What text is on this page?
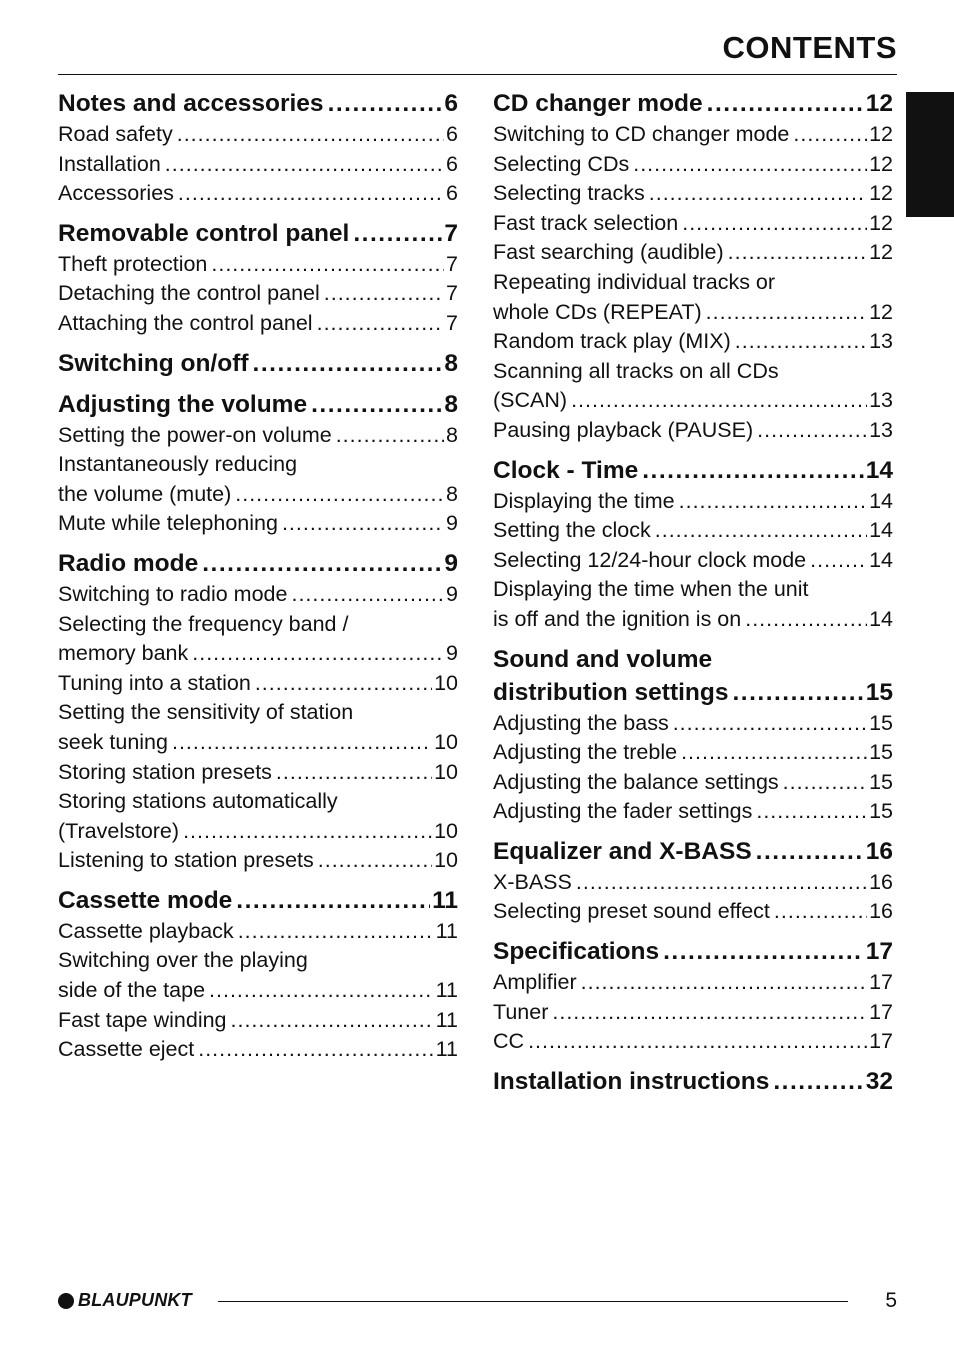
CONTENTS
Notes and accessories .....	6
Road safety .....	6
Installation .....	6
Accessories .....	6
Removable control panel .....	7
Theft protection .....	7
Detaching the control panel .....	7
Attaching the control panel .....	7
Switching on/off .....	8
Adjusting the volume .....	8
Setting the power-on volume .....	8
Instantaneously reducing
the volume (mute) .....	8
Mute while telephoning .....	9
Radio mode .....	9
Switching to radio mode .....	9
Selecting the frequency band /
memory bank .....	9
Tuning into a station .....	10
Setting the sensitivity of station
seek tuning .....	10
Storing station presets .....	10
Storing stations automatically
(Travelstore) .....	10
Listening to station presets .....	10
Cassette mode .....	11
Cassette playback .....	11
Switching over the playing
side of the tape .....	11
Fast tape winding .....	11
Cassette eject .....	11
CD changer mode .....	12
Switching to CD changer mode .....	12
Selecting CDs .....	12
Selecting tracks .....	12
Fast track selection .....	12
Fast searching (audible) .....	12
Repeating individual tracks or
whole CDs (REPEAT) .....	12
Random track play (MIX) .....	13
Scanning all tracks on all CDs
(SCAN) .....	13
Pausing playback (PAUSE) .....	13
Clock - Time .....	14
Displaying the time .....	14
Setting the clock .....	14
Selecting 12/24-hour clock mode .....	14
Displaying the time when the unit
is off and the ignition is on .....	14
Sound and volume
distribution settings .....	15
Adjusting the bass .....	15
Adjusting the treble .....	15
Adjusting the balance settings .....	15
Adjusting the fader settings .....	15
Equalizer and X-BASS .....	16
X-BASS .....	16
Selecting preset sound effect .....	16
Specifications .....	17
Amplifier .....	17
Tuner .....	17
CC .....	17
Installation instructions .....	32
BLAUPUNKT	5
